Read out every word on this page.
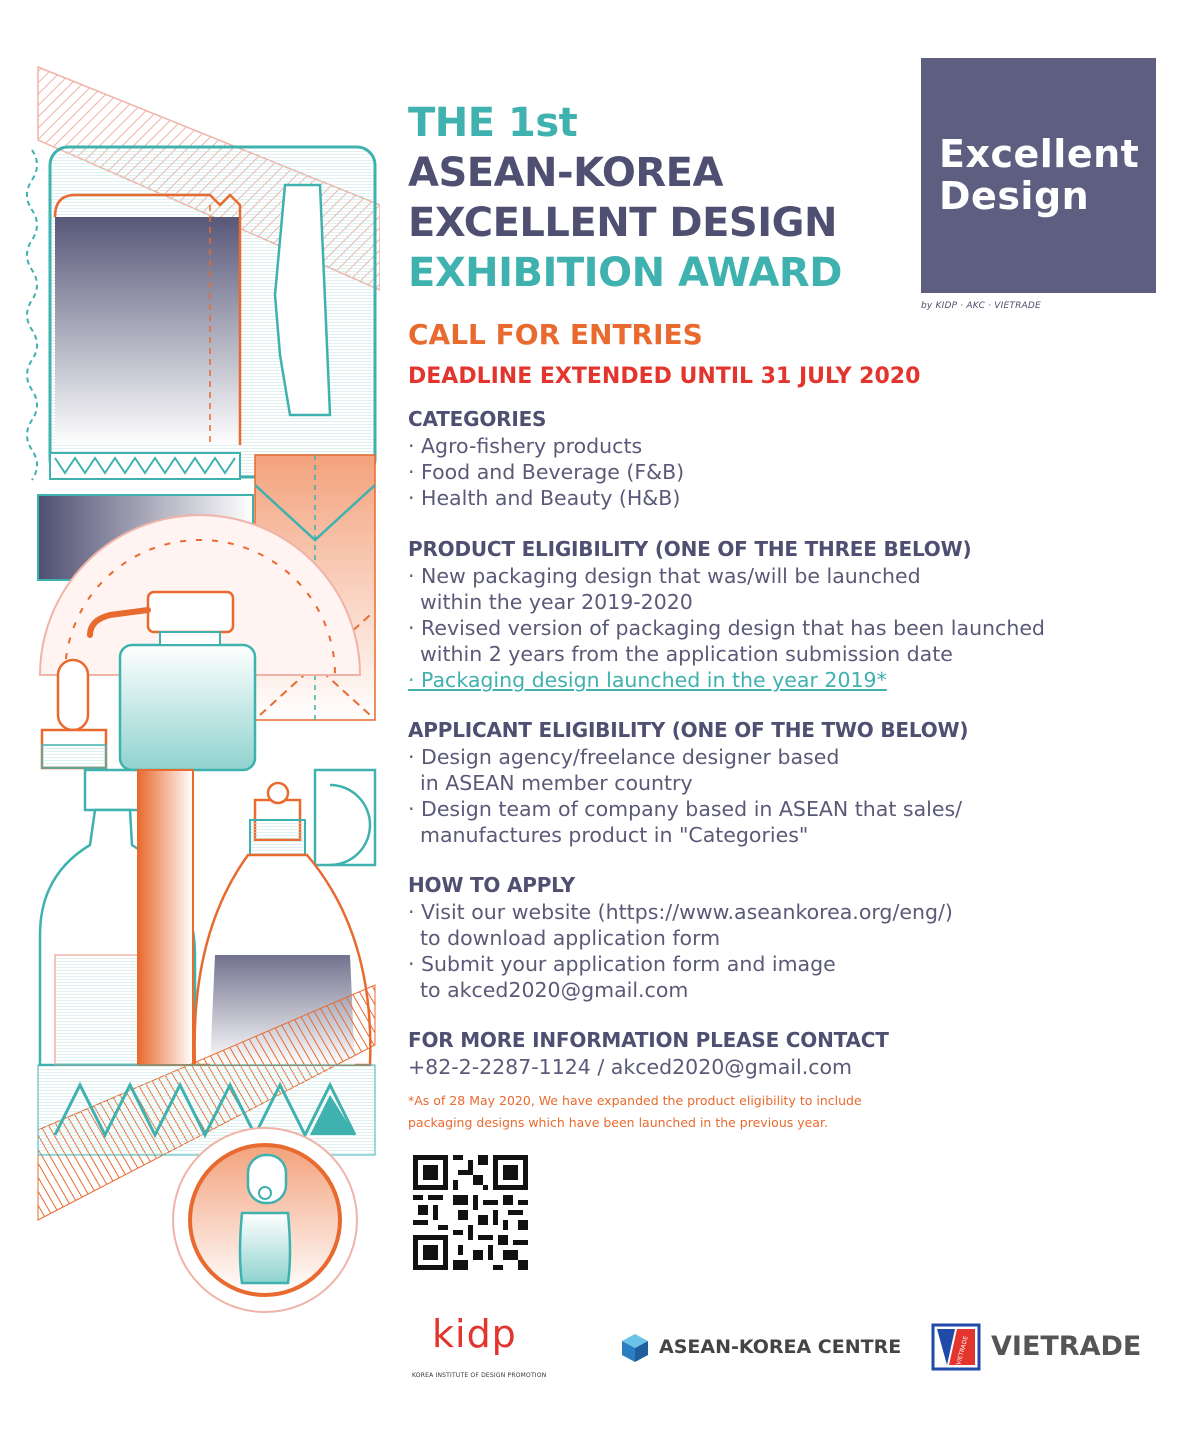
THE 1st
ASEAN-KOREA
EXCELLENT DESIGN
EXHIBITION AWARD
Excellent
Design
by KIDP · AKC · VIETRADE
CALL FOR ENTRIES
DEADLINE EXTENDED UNTIL 31 JULY 2020
CATEGORIES
· Agro-fishery products
· Food and Beverage (F&B)
· Health and Beauty (H&B)
PRODUCT ELIGIBILITY (ONE OF THE THREE BELOW)
· New packaging design that was/will be launched
within the year 2019-2020
· Revised version of packaging design that has been launched
within 2 years from the application submission date
· Packaging design launched in the year 2019*
APPLICANT ELIGIBILITY (ONE OF THE TWO BELOW)
· Design agency/freelance designer based
in ASEAN member country
· Design team of company based in ASEAN that sales/
manufactures product in "Categories"
HOW TO APPLY
· Visit our website (https://www.aseankorea.org/eng/)
to download application form
· Submit your application form and image
to akced2020@gmail.com
FOR MORE INFORMATION PLEASE CONTACT
+82-2-2287-1124 / akced2020@gmail.com
*As of 28 May 2020, We have expanded the product eligibility to include
packaging designs which have been launched in the previous year.
kidp
KOREA INSTITUTE OF DESIGN PROMOTION
ASEAN-KOREA CENTRE	VIETRADE VIETRADE
